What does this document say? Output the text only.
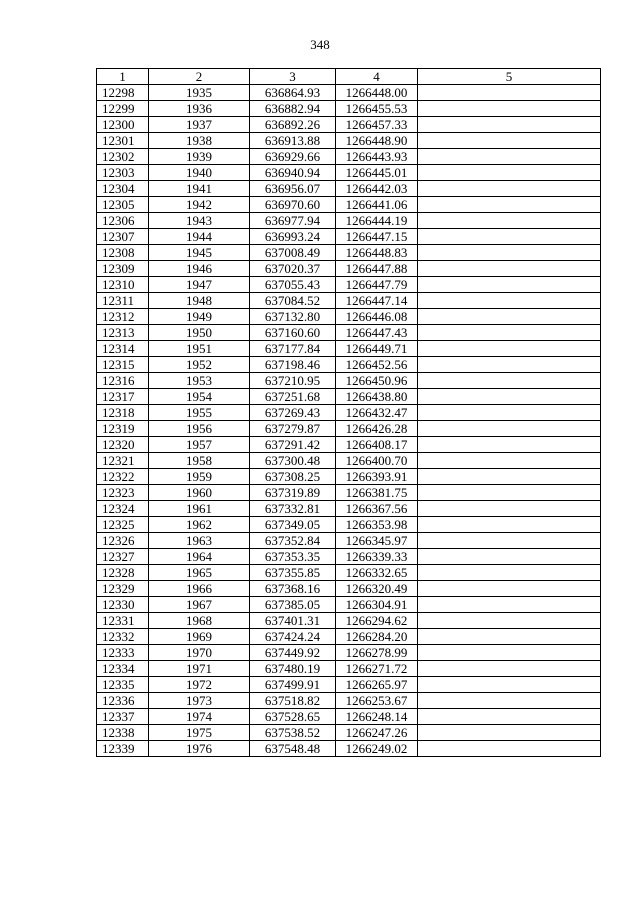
348
1	2	3	4	5
12298	1935	636864.93	1266448.00	
12299	1936	636882.94	1266455.53	
12300	1937	636892.26	1266457.33	
12301	1938	636913.88	1266448.90	
12302	1939	636929.66	1266443.93	
12303	1940	636940.94	1266445.01	
12304	1941	636956.07	1266442.03	
12305	1942	636970.60	1266441.06	
12306	1943	636977.94	1266444.19	
12307	1944	636993.24	1266447.15	
12308	1945	637008.49	1266448.83	
12309	1946	637020.37	1266447.88	
12310	1947	637055.43	1266447.79	
12311	1948	637084.52	1266447.14	
12312	1949	637132.80	1266446.08	
12313	1950	637160.60	1266447.43	
12314	1951	637177.84	1266449.71	
12315	1952	637198.46	1266452.56	
12316	1953	637210.95	1266450.96	
12317	1954	637251.68	1266438.80	
12318	1955	637269.43	1266432.47	
12319	1956	637279.87	1266426.28	
12320	1957	637291.42	1266408.17	
12321	1958	637300.48	1266400.70	
12322	1959	637308.25	1266393.91	
12323	1960	637319.89	1266381.75	
12324	1961	637332.81	1266367.56	
12325	1962	637349.05	1266353.98	
12326	1963	637352.84	1266345.97	
12327	1964	637353.35	1266339.33	
12328	1965	637355.85	1266332.65	
12329	1966	637368.16	1266320.49	
12330	1967	637385.05	1266304.91	
12331	1968	637401.31	1266294.62	
12332	1969	637424.24	1266284.20	
12333	1970	637449.92	1266278.99	
12334	1971	637480.19	1266271.72	
12335	1972	637499.91	1266265.97	
12336	1973	637518.82	1266253.67	
12337	1974	637528.65	1266248.14	
12338	1975	637538.52	1266247.26	
12339	1976	637548.48	1266249.02	
